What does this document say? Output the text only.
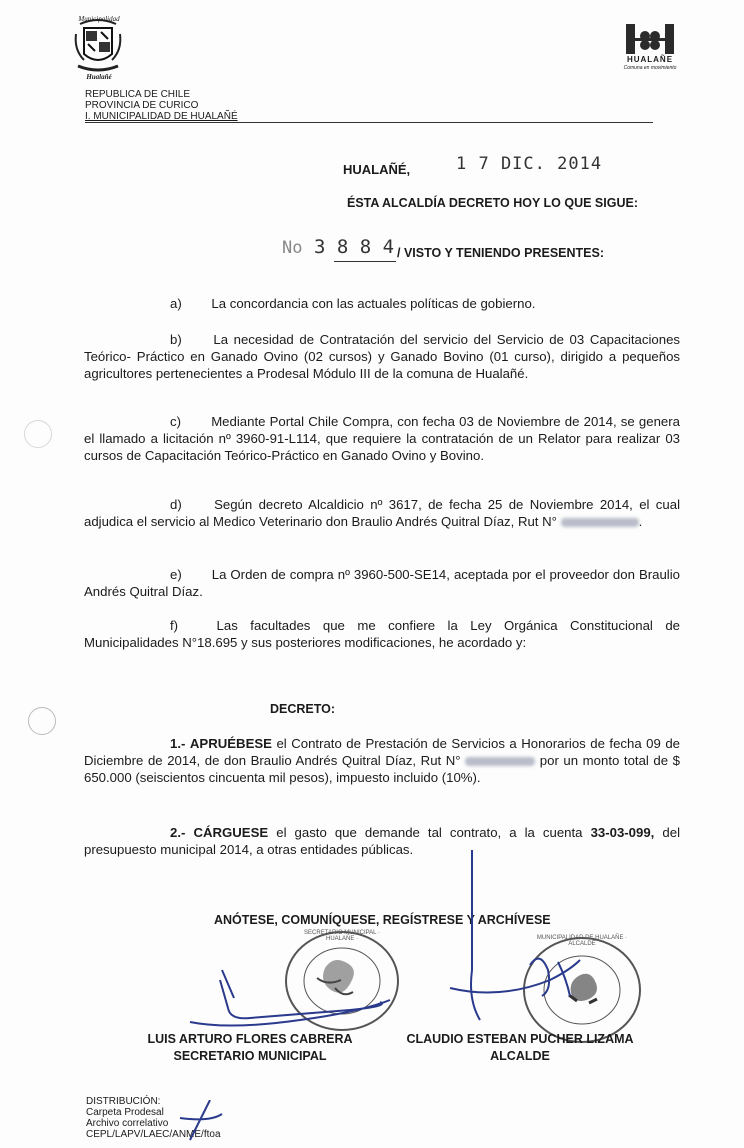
Municipalidad
Hualañé
HUALAÑE
Comuna en movimiento
REPUBLICA DE CHILE
PROVINCIA DE CURICO
I. MUNICIPALIDAD DE HUALAÑÉ
HUALAÑÉ,	1 7 DIC. 2014
ÉSTA ALCALDÍA DECRETO HOY LO QUE SIGUE:
No 3 8 8 4 / VISTO Y TENIENDO PRESENTES:
a) La concordancia con las actuales políticas de gobierno.
b) La necesidad de Contratación del servicio del Servicio de 03 Capacitaciones Teórico- Práctico en Ganado Ovino (02 cursos) y Ganado Bovino (01 curso), dirigido a pequeños agricultores pertenecientes a Prodesal Módulo III de la comuna de Hualañé.
c) Mediante Portal Chile Compra, con fecha 03 de Noviembre de 2014, se genera el llamado a licitación nº 3960-91-L114, que requiere la contratación de un Relator para realizar 03 cursos de Capacitación Teórico-Práctico en Ganado Ovino y Bovino.
d) Según decreto Alcaldicio nº 3617, de fecha 25 de Noviembre 2014, el cual adjudica el servicio al Medico Veterinario don Braulio Andrés Quitral Díaz, Rut N°	.
e) La Orden de compra nº 3960-500-SE14, aceptada por el proveedor don Braulio Andrés Quitral Díaz.
f)	Las facultades que me confiere la Ley Orgánica Constitucional de Municipalidades N°18.695 y sus posteriores modificaciones, he acordado y:
DECRETO:
1.- APRUÉBESE el Contrato de Prestación de Servicios a Honorarios de fecha 09 de Diciembre de 2014, de don Braulio Andrés Quitral Díaz, Rut N°	por un monto total de $ 650.000 (seiscientos cincuenta mil pesos), impuesto incluido (10%).
2.- CÁRGUESE el gasto que demande tal contrato, a la cuenta 33-03-099, del presupuesto municipal 2014, a otras entidades públicas.
ANÓTESE, COMUNÍQUESE, REGÍSTRESE Y ARCHÍVESE
SECRETARIO MUNICIPAL · HUALAÑE ·	MUNICIPALIDAD DE HUALAÑE · ALCALDE
LUIS ARTURO FLORES CABRERA
SECRETARIO MUNICIPAL
CLAUDIO ESTEBAN PUCHER LIZAMA
ALCALDE
DISTRIBUCIÓN:
Carpeta Prodesal
Archivo correlativo
CEPL/LAPV/LAEC/ANME/ftoa
